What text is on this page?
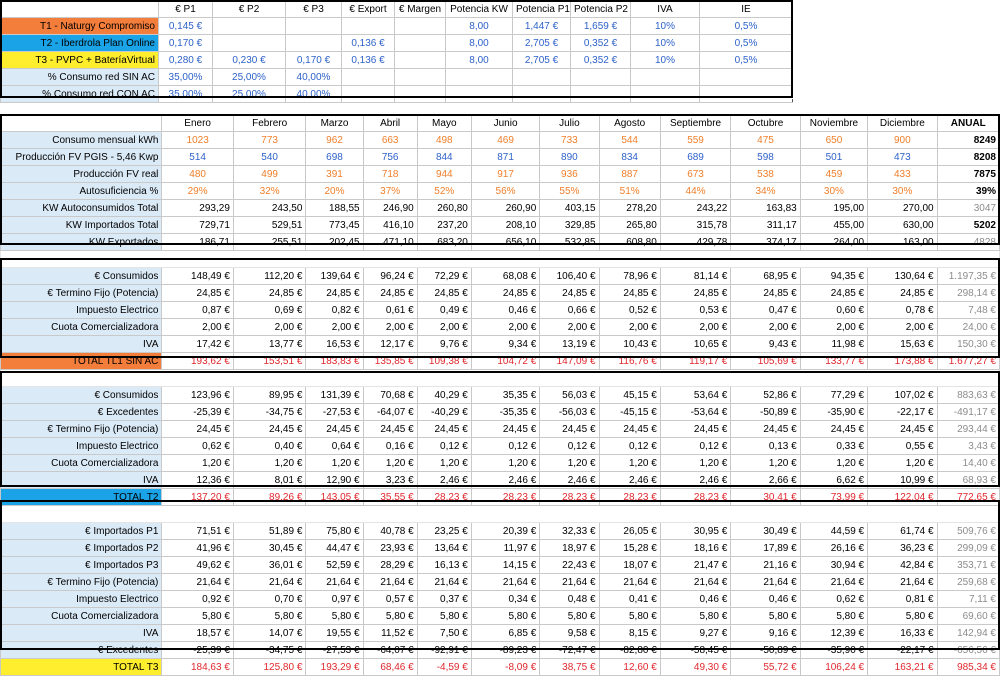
	€ P1	€ P2	€ P3	€ Export	€ Margen	Potencia KW	Potencia P1	Potencia P2	IVA	IE
T1 - Naturgy Compromiso	0,145 €					8,00	1,447 €	1,659 €	10%	0,5%
T2 - Iberdrola Plan Online	0,170 €			0,136 €		8,00	2,705 €	0,352 €	10%	0,5%
T3 - PVPC + BateríaVirtual	0,280 €	0,230 €	0,170 €	0,136 €		8,00	2,705 €	0,352 €	10%	0,5%
% Consumo red SIN AC	35,00%	25,00%	40,00%							
% Consumo red CON AC	35,00%	25,00%	40,00%							
	Enero	Febrero	Marzo	Abril	Mayo	Junio	Julio	Agosto	Septiembre	Octubre	Noviembre	Diciembre	ANUAL
Consumo mensual kWh	1023	773	962	663	498	469	733	544	559	475	650	900	8249
Producción FV PGIS - 5,46 Kwp	514	540	698	756	844	871	890	834	689	598	501	473	8208
Producción FV real	480	499	391	718	944	917	936	887	673	538	459	433	7875
Autosuficiencia %	29%	32%	20%	37%	52%	56%	55%	51%	44%	34%	30%	30%	39%
KW Autoconsumidos Total	293,29	243,50	188,55	246,90	260,80	260,90	403,15	278,20	243,22	163,83	195,00	270,00	3047
KW Importados Total	729,71	529,51	773,45	416,10	237,20	208,10	329,85	265,80	315,78	311,17	455,00	630,00	5202
KW Exportados	186,71	255,51	202,45	471,10	683,20	656,10	532,85	608,80	429,78	374,17	264,00	163,00	4828

€ Consumidos	148,49 €	112,20 €	139,64 €	96,24 €	72,29 €	68,08 €	106,40 €	78,96 €	81,14 €	68,95 €	94,35 €	130,64 €	1.197,35 €
€ Termino Fijo (Potencia)	24,85 €	24,85 €	24,85 €	24,85 €	24,85 €	24,85 €	24,85 €	24,85 €	24,85 €	24,85 €	24,85 €	24,85 €	298,14 €
Impuesto Electrico	0,87 €	0,69 €	0,82 €	0,61 €	0,49 €	0,46 €	0,66 €	0,52 €	0,53 €	0,47 €	0,60 €	0,78 €	7,48 €
Cuota Comercializadora	2,00 €	2,00 €	2,00 €	2,00 €	2,00 €	2,00 €	2,00 €	2,00 €	2,00 €	2,00 €	2,00 €	2,00 €	24,00 €
IVA	17,42 €	13,77 €	16,53 €	12,17 €	9,76 €	9,34 €	13,19 €	10,43 €	10,65 €	9,43 €	11,98 €	15,63 €	150,30 €
TOTAL TL1 SIN AC	193,62 €	153,51 €	183,83 €	135,85 €	109,38 €	104,72 €	147,09 €	116,76 €	119,17 €	105,69 €	133,77 €	173,88 €	1.677,27 €

€ Consumidos	123,96 €	89,95 €	131,39 €	70,68 €	40,29 €	35,35 €	56,03 €	45,15 €	53,64 €	52,86 €	77,29 €	107,02 €	883,63 €
€ Excedentes	-25,39 €	-34,75 €	-27,53 €	-64,07 €	-40,29 €	-35,35 €	-56,03 €	-45,15 €	-53,64 €	-50,89 €	-35,90 €	-22,17 €	-491,17 €
€ Termino Fijo (Potencia)	24,45 €	24,45 €	24,45 €	24,45 €	24,45 €	24,45 €	24,45 €	24,45 €	24,45 €	24,45 €	24,45 €	24,45 €	293,44 €
Impuesto Electrico	0,62 €	0,40 €	0,64 €	0,16 €	0,12 €	0,12 €	0,12 €	0,12 €	0,12 €	0,13 €	0,33 €	0,55 €	3,43 €
Cuota Comercializadora	1,20 €	1,20 €	1,20 €	1,20 €	1,20 €	1,20 €	1,20 €	1,20 €	1,20 €	1,20 €	1,20 €	1,20 €	14,40 €
IVA	12,36 €	8,01 €	12,90 €	3,23 €	2,46 €	2,46 €	2,46 €	2,46 €	2,46 €	2,66 €	6,62 €	10,99 €	68,93 €
TOTAL T2	137,20 €	89,26 €	143,05 €	35,55 €	28,23 €	28,23 €	28,23 €	28,23 €	28,23 €	30,41 €	73,99 €	122,04 €	772,65 €

€ Importados P1	71,51 €	51,89 €	75,80 €	40,78 €	23,25 €	20,39 €	32,33 €	26,05 €	30,95 €	30,49 €	44,59 €	61,74 €	509,76 €
€ Importados P2	41,96 €	30,45 €	44,47 €	23,93 €	13,64 €	11,97 €	18,97 €	15,28 €	18,16 €	17,89 €	26,16 €	36,23 €	299,09 €
€ Importados P3	49,62 €	36,01 €	52,59 €	28,29 €	16,13 €	14,15 €	22,43 €	18,07 €	21,47 €	21,16 €	30,94 €	42,84 €	353,71 €
€ Termino Fijo (Potencia)	21,64 €	21,64 €	21,64 €	21,64 €	21,64 €	21,64 €	21,64 €	21,64 €	21,64 €	21,64 €	21,64 €	21,64 €	259,68 €
Impuesto Electrico	0,92 €	0,70 €	0,97 €	0,57 €	0,37 €	0,34 €	0,48 €	0,41 €	0,46 €	0,46 €	0,62 €	0,81 €	7,11 €
Cuota Comercializadora	5,80 €	5,80 €	5,80 €	5,80 €	5,80 €	5,80 €	5,80 €	5,80 €	5,80 €	5,80 €	5,80 €	5,80 €	69,60 €
IVA	18,57 €	14,07 €	19,55 €	11,52 €	7,50 €	6,85 €	9,58 €	8,15 €	9,27 €	9,16 €	12,39 €	16,33 €	142,94 €
€ Excedentes	-25,39 €	-34,75 €	-27,53 €	-64,07 €	-92,91 €	-89,23 €	-72,47 €	-82,80 €	-58,45 €	-50,89 €	-35,90 €	-22,17 €	-656,56 €
TOTAL T3	184,63 €	125,80 €	193,29 €	68,46 €	-4,59 €	-8,09 €	38,75 €	12,60 €	49,30 €	55,72 €	106,24 €	163,21 €	985,34 €
